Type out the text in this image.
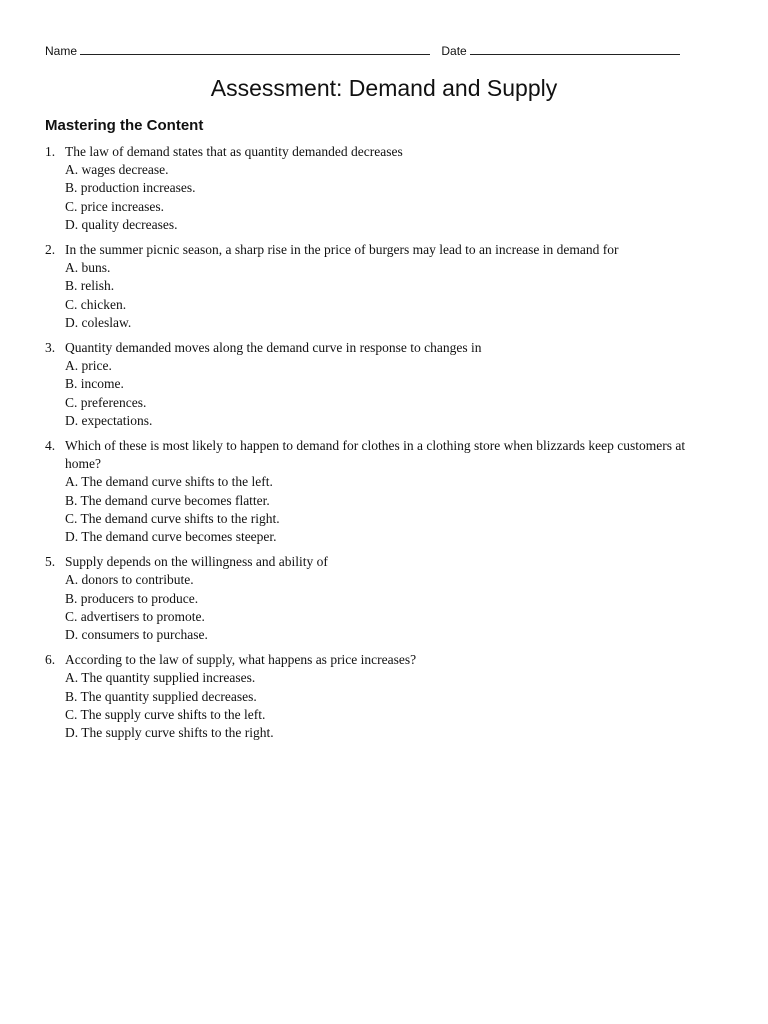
Name	Date
Assessment: Demand and Supply
Mastering the Content
1. The law of demand states that as quantity demanded decreases
A. wages decrease.
B. production increases.
C. price increases.
D. quality decreases.
2. In the summer picnic season, a sharp rise in the price of burgers may lead to an increase in demand for
A. buns.
B. relish.
C. chicken.
D. coleslaw.
3. Quantity demanded moves along the demand curve in response to changes in
A. price.
B. income.
C. preferences.
D. expectations.
4. Which of these is most likely to happen to demand for clothes in a clothing store when blizzards keep customers at home?
A. The demand curve shifts to the left.
B. The demand curve becomes flatter.
C. The demand curve shifts to the right.
D. The demand curve becomes steeper.
5. Supply depends on the willingness and ability of
A. donors to contribute.
B. producers to produce.
C. advertisers to promote.
D. consumers to purchase.
6. According to the law of supply, what happens as price increases?
A. The quantity supplied increases.
B. The quantity supplied decreases.
C. The supply curve shifts to the left.
D. The supply curve shifts to the right.
